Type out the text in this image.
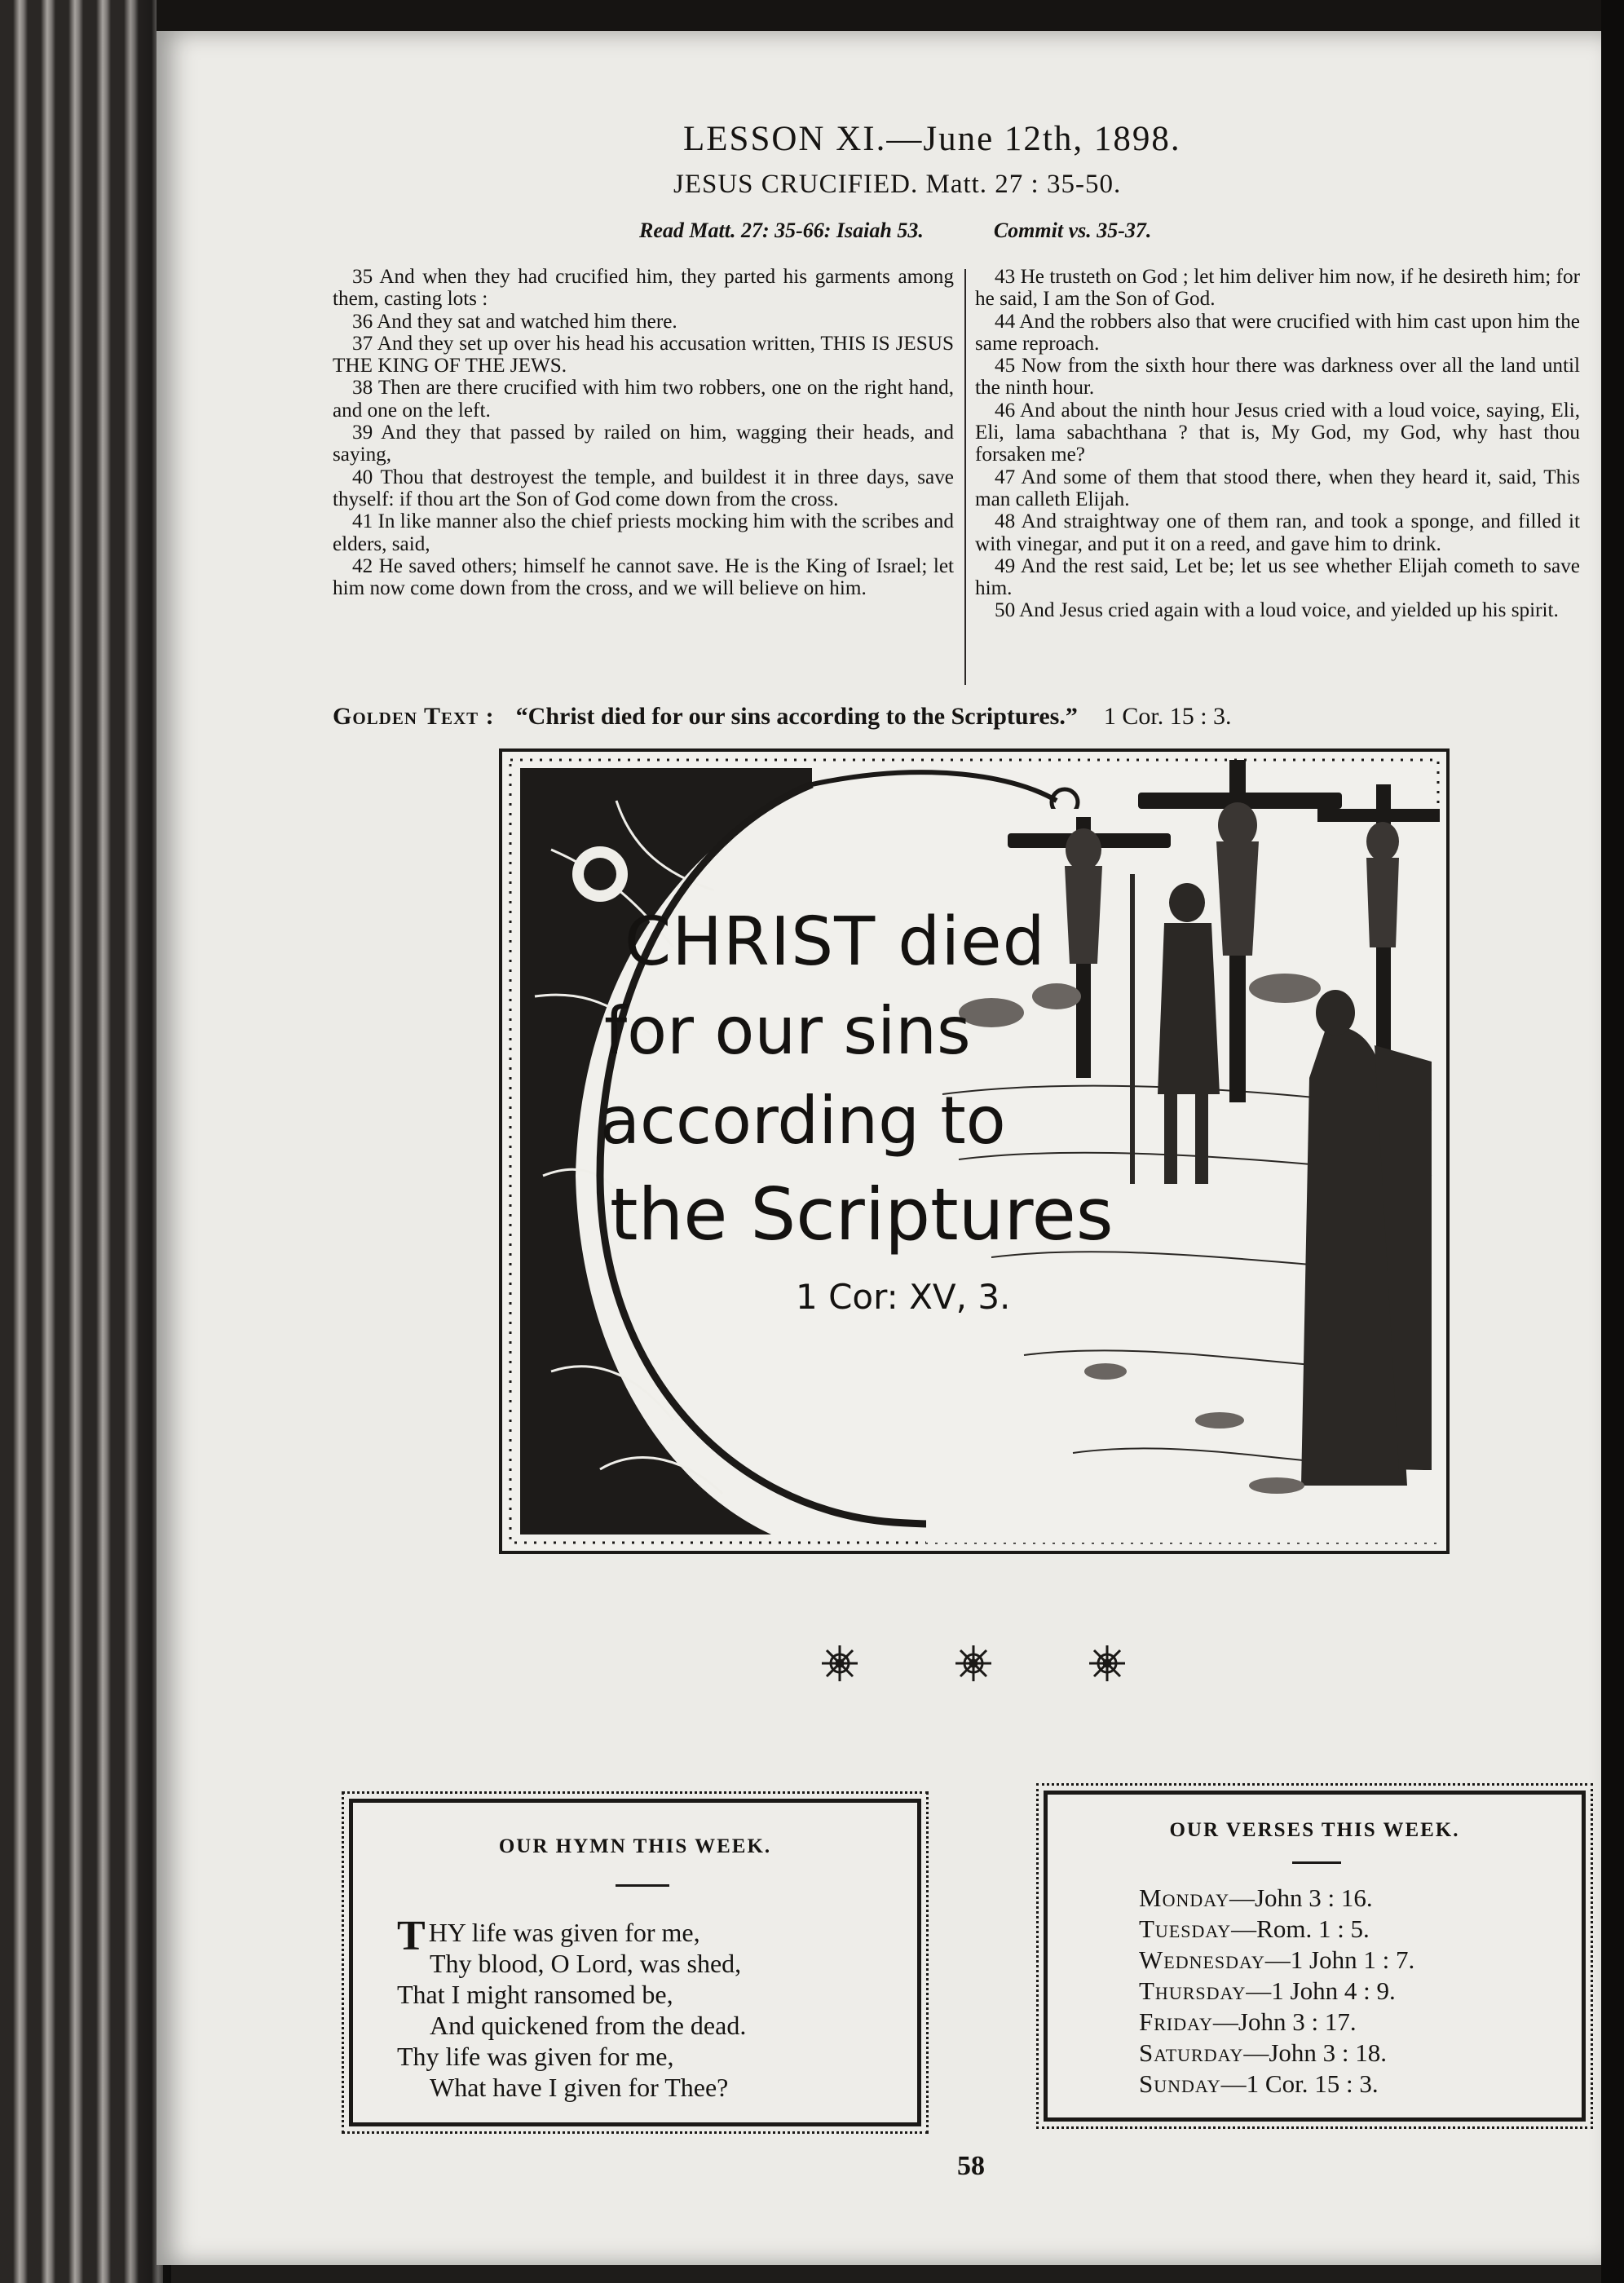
LESSON XI.—June 12th, 1898.
JESUS CRUCIFIED. Matt. 27 : 35-50.
Read Matt. 27: 35-66: Isaiah 53.	Commit vs. 35-37.

35 And when they had crucified him, they parted his garments among them, casting lots :

36 And they sat and watched him there.

37 And they set up over his head his accusation written, THIS IS JESUS THE KING OF THE JEWS.

38 Then are there crucified with him two robbers, one on the right hand, and one on the left.

39 And they that passed by railed on him, wagging their heads, and saying,

40 Thou that destroyest the temple, and buildest it in three days, save thyself: if thou art the Son of God come down from the cross.

41 In like manner also the chief priests mocking him with the scribes and elders, said,

42 He saved others; himself he cannot save. He is the King of Israel; let him now come down from the cross, and we will believe on him.

43 He trusteth on God ; let him deliver him now, if he desireth him; for he said, I am the Son of God.

44 And the robbers also that were crucified with him cast upon him the same reproach.

45 Now from the sixth hour there was darkness over all the land until the ninth hour.

46 And about the ninth hour Jesus cried with a loud voice, saying, Eli, Eli, lama sabachthana ? that is, My God, my God, why hast thou forsaken me?

47 And some of them that stood there, when they heard it, said, This man calleth Elijah.

48 And straightway one of them ran, and took a sponge, and filled it with vinegar, and put it on a reed, and gave him to drink.

49 And the rest said, Let be; let us see whether Elijah cometh to save him.

50 And Jesus cried again with a loud voice, and yielded up his spirit.

Golden Text : “Christ died for our sins according to the Scriptures.” 1 Cor. 15 : 3.
CHRIST died
for our sins
according to
the Scriptures
1 Cor: XV, 3.
OUR HYMN THIS WEEK.
THY life was given for me,
Thy blood, O Lord, was shed,
That I might ransomed be,
And quickened from the dead.
Thy life was given for me,
What have I given for Thee?
OUR VERSES THIS WEEK.
Monday—John 3 : 16.
Tuesday—Rom. 1 : 5.
Wednesday—1 John 1 : 7.
Thursday—1 John 4 : 9.
Friday—John 3 : 17.
Saturday—John 3 : 18.
Sunday—1 Cor. 15 : 3.
58
